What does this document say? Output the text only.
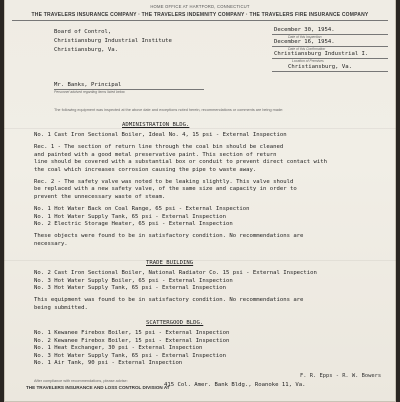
HOME OFFICE AT HARTFORD, CONNECTICUT
THE TRAVELERS INSURANCE COMPANY · THE TRAVELERS INDEMNITY COMPANY · THE TRAVELERS FIRE INSURANCE COMPANY
Board of Control,
Christiansburg Industrial Institute
Christiansburg, Va.
December 30, 1954.
Date of this Inspection
December 16, 1954.
Date of this Confirmation
Christiansburg Industrial I.
Location of Premises
Christiansburg, Va.
Mr. Banks, Principal
Personnel advised regarding items listed below
The following equipment was inspected at the above date and exceptions noted herein, recommendations or comments are being made:
ADMINISTRATION BLDG.
No. 1 Cast Iron Sectional Boiler, Ideal No. 4, 15 psi - External Inspection
Rec. 1 - The section of return line through the coal bin should be cleaned
and painted with a good metal preservative paint. This section of return
line should be covered with a substantial box or conduit to prevent direct contact with
the coal which increases corrosion causing the pipe to waste away.
Rec. 2 - The safety valve was noted to be leaking slightly. This valve should
be replaced with a new safety valve, of the same size and capacity in order to
prevent the unnecessary waste of steam.
No. 1 Hot Water Back on Coal Range, 65 psi - External Inspection
No. 1 Hot Water Supply Tank, 65 psi - External Inspection
No. 2 Electric Storage Heater, 65 psi - External Inspection
These objects were found to be in satisfactory condition. No recommendations are
necessary.
TRADE BUILDING
No. 2 Cast Iron Sectional Boiler, National Radiator Co. 15 psi - External Inspection
No. 3 Hot Water Supply Boiler, 65 psi - External Inspection
No. 3 Hot Water Supply Tank, 65 psi - External Inspection
This equipment was found to be in satisfactory condition. No recommendations are
being submitted.
SCATTERGOOD BLDG.
No. 1 Kewanee Firebox Boiler, 15 psi - External Inspection
No. 2 Kewanee Firebox Boiler, 15 psi - External Inspection
No. 1 Heat Exchanger, 30 psi - External Inspection
No. 3 Hot Water Supply Tank, 65 psi - External Inspection
No. 1 Air Tank, 90 psi - External Inspection
THE TRAVELERS INSURANCE AND LOSS CONTROL DIVISION AT
After compliance with recommendations, please advise:
415 Col. Amer. Bank Bldg., Roanoke 11, Va.
F. R. Epps - R. W. Bowers
